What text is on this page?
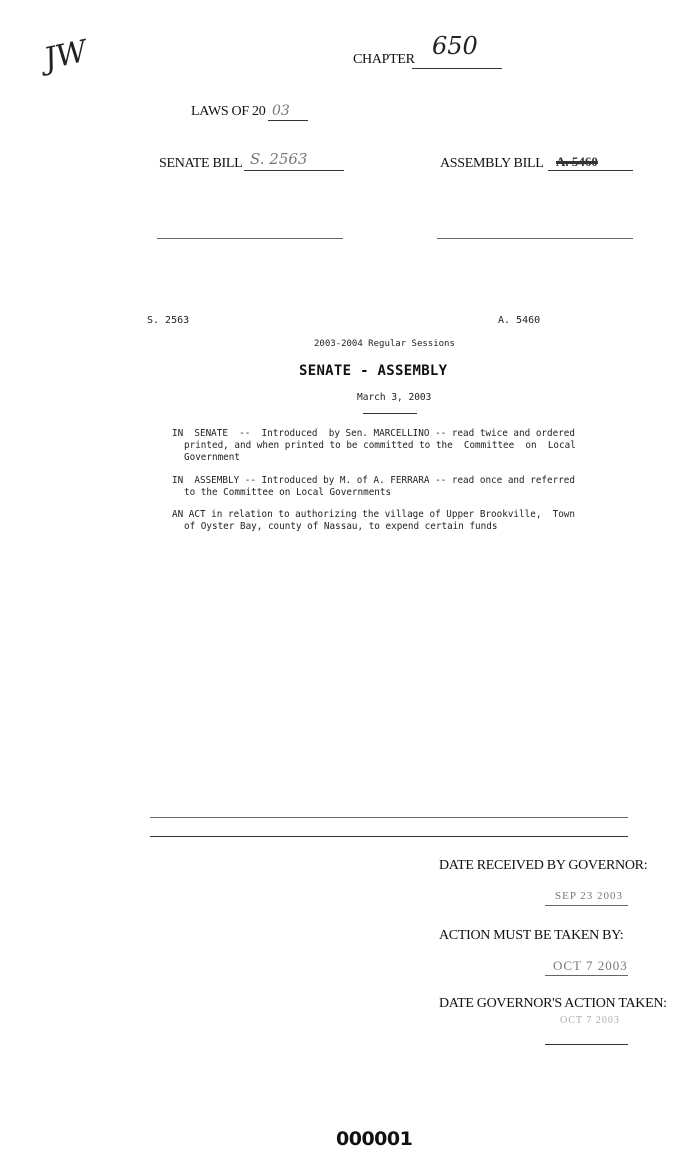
JW	CHAPTER 650
LAWS OF 20 03
SENATE BILL S. 2563	ASSEMBLY BILL A. 5460
S. 2563	A. 5460
2003-2004 Regular Sessions
SENATE - ASSEMBLY
March 3, 2003
IN  SENATE  --  Introduced  by Sen. MARCELLINO -- read twice and ordered
printed, and when printed to be committed to the  Committee  on  Local
Government
IN  ASSEMBLY -- Introduced by M. of A. FERRARA -- read once and referred
to the Committee on Local Governments
AN ACT in relation to authorizing the village of Upper Brookville,  Town
of Oyster Bay, county of Nassau, to expend certain funds
DATE RECEIVED BY GOVERNOR:
SEP 23 2003
ACTION MUST BE TAKEN BY:
OCT 7 2003
DATE GOVERNOR'S ACTION TAKEN:
OCT 7 2003
000001
